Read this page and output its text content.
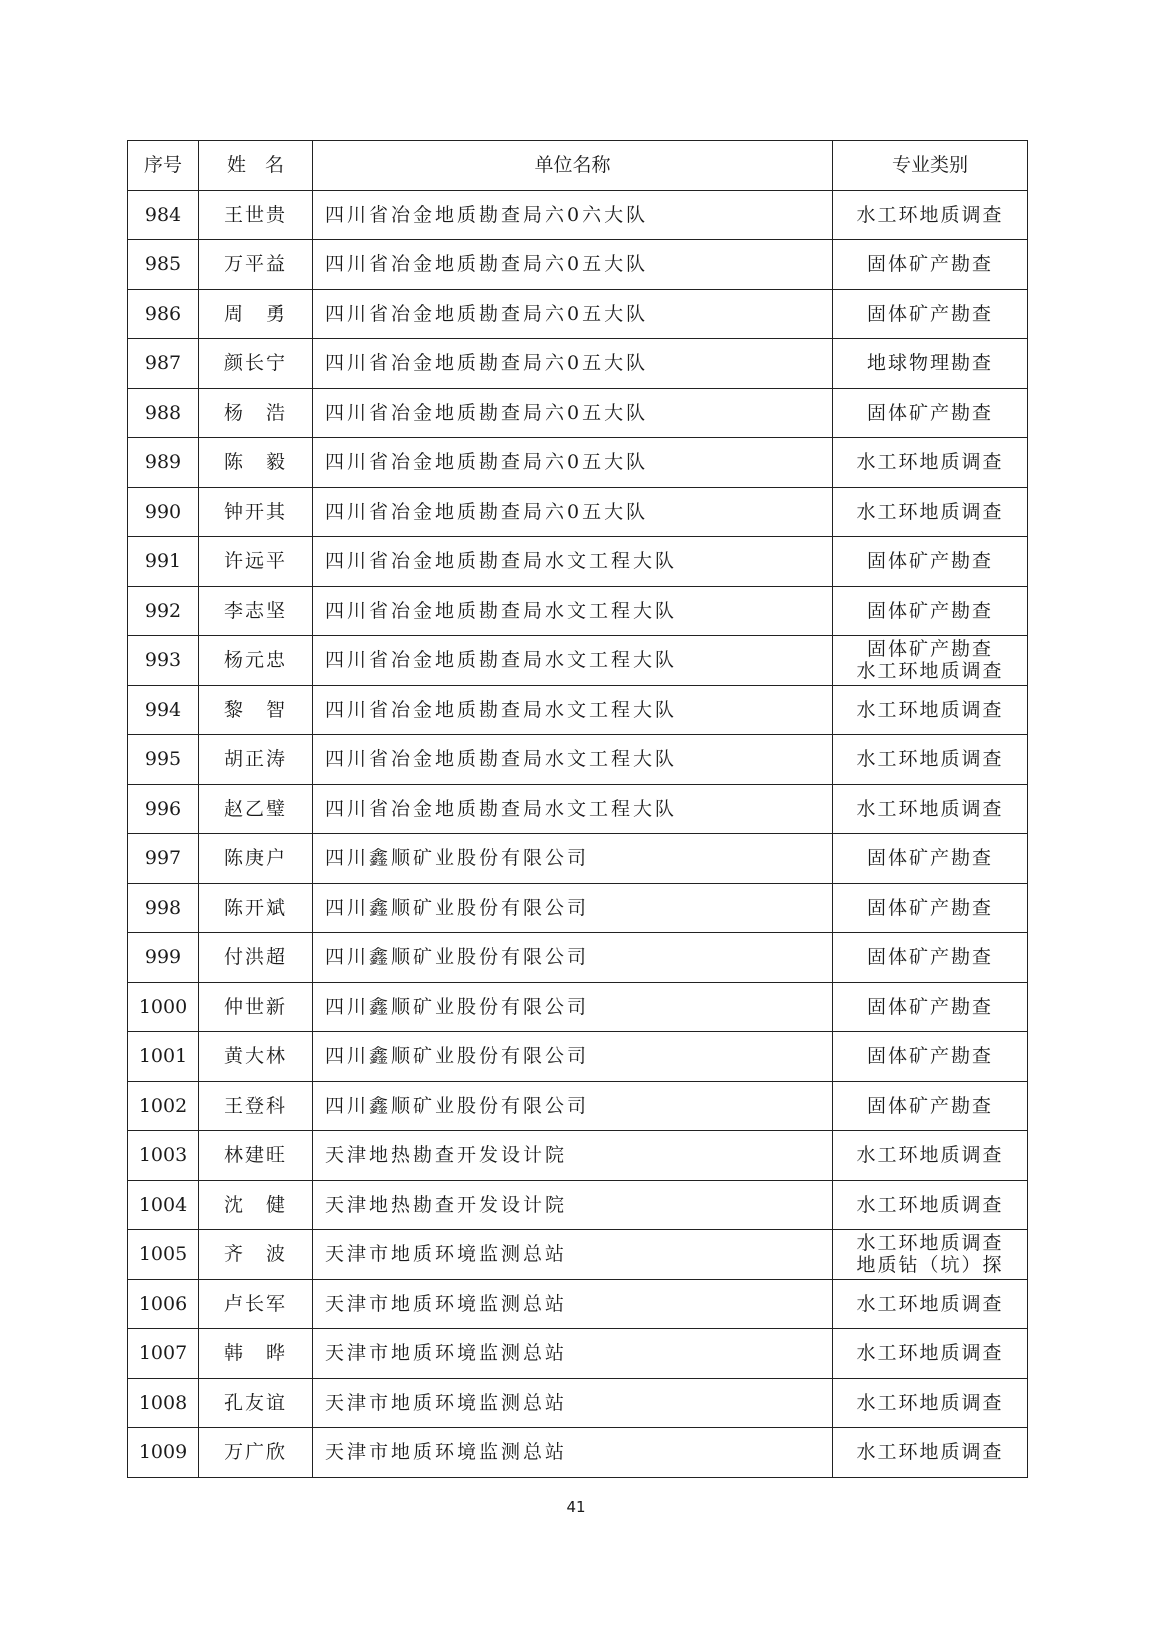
序号	姓　名	单位名称	专业类别
984	王世贵	四川省冶金地质勘查局六0六大队	水工环地质调查

985	万平益	四川省冶金地质勘查局六0五大队	固体矿产勘查

986	周　勇	四川省冶金地质勘查局六0五大队	固体矿产勘查

987	颜长宁	四川省冶金地质勘查局六0五大队	地球物理勘查

988	杨　浩	四川省冶金地质勘查局六0五大队	固体矿产勘查

989	陈　毅	四川省冶金地质勘查局六0五大队	水工环地质调查

990	钟开其	四川省冶金地质勘查局六0五大队	水工环地质调查

991	许远平	四川省冶金地质勘查局水文工程大队	固体矿产勘查

992	李志坚	四川省冶金地质勘查局水文工程大队	固体矿产勘查

993	杨元忠	四川省冶金地质勘查局水文工程大队	固体矿产勘查
水工环地质调查

994	黎　智	四川省冶金地质勘查局水文工程大队	水工环地质调查

995	胡正涛	四川省冶金地质勘查局水文工程大队	水工环地质调查

996	赵乙璧	四川省冶金地质勘查局水文工程大队	水工环地质调查

997	陈庚户	四川鑫顺矿业股份有限公司	固体矿产勘查

998	陈开斌	四川鑫顺矿业股份有限公司	固体矿产勘查

999	付洪超	四川鑫顺矿业股份有限公司	固体矿产勘查

1000	仲世新	四川鑫顺矿业股份有限公司	固体矿产勘查

1001	黄大林	四川鑫顺矿业股份有限公司	固体矿产勘查

1002	王登科	四川鑫顺矿业股份有限公司	固体矿产勘查

1003	林建旺	天津地热勘查开发设计院	水工环地质调查

1004	沈　健	天津地热勘查开发设计院	水工环地质调查

1005	齐　波	天津市地质环境监测总站	水工环地质调查
地质钻（坑）探

1006	卢长军	天津市地质环境监测总站	水工环地质调查

1007	韩　晔	天津市地质环境监测总站	水工环地质调查

1008	孔友谊	天津市地质环境监测总站	水工环地质调查

1009	万广欣	天津市地质环境监测总站	水工环地质调查
41
